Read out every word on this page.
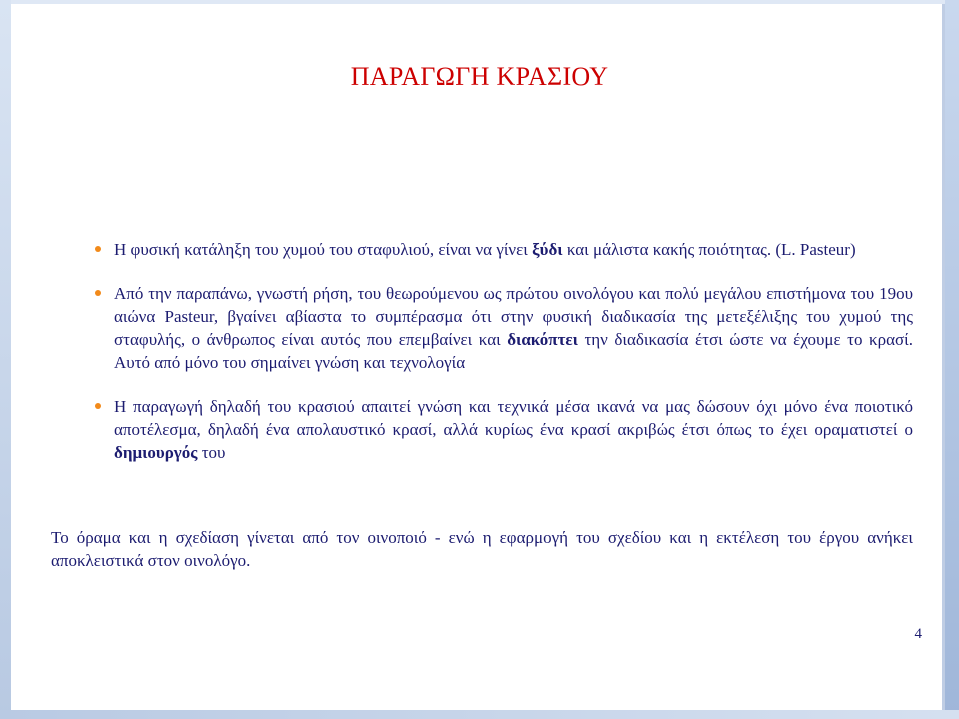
ΠΑΡΑΓΩΓΗ ΚΡΑΣΙΟΥ
Η φυσική κατάληξη του χυμού του σταφυλιού, είναι να γίνει ξύδι και μάλιστα κακής ποιότητας. (L. Pasteur)
Από την παραπάνω, γνωστή ρήση, του θεωρούμενου ως πρώτου οινολόγου και πολύ μεγάλου επιστήμονα του 19ου αιώνα Pasteur, βγαίνει αβίαστα το συμπέρασμα ότι στην φυσική διαδικασία της μετεξέλιξης του χυμού της σταφυλής, ο άνθρωπος είναι αυτός που επεμβαίνει και διακόπτει την διαδικασία έτσι ώστε να έχουμε το κρασί. Αυτό από μόνο του σημαίνει γνώση και τεχνολογία
Η παραγωγή δηλαδή του κρασιού απαιτεί γνώση και τεχνικά μέσα ικανά να μας δώσουν όχι μόνο ένα ποιοτικό αποτέλεσμα, δηλαδή ένα απολαυστικό κρασί, αλλά κυρίως ένα κρασί ακριβώς έτσι όπως το έχει οραματιστεί ο δημιουργός του
Το όραμα και η σχεδίαση γίνεται από τον οινοποιό - ενώ η εφαρμογή του σχεδίου και η εκτέλεση του έργου ανήκει αποκλειστικά στον οινολόγο.
4
